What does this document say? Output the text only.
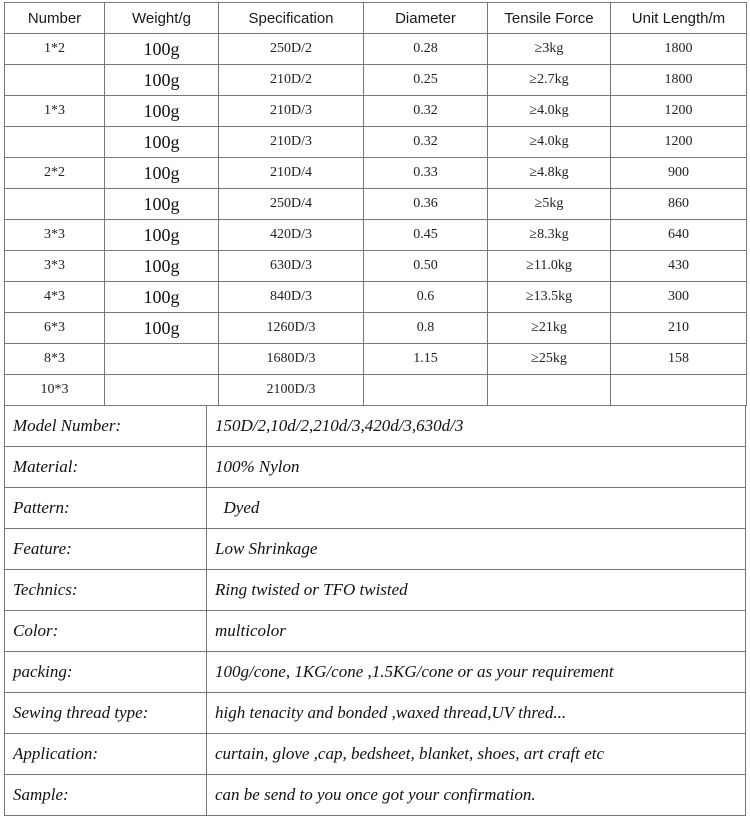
Number	Weight/g	Specification	Diameter	Tensile Force	Unit Length/m
1*2	100g	250D/2	0.28	≥3kg	1800
	100g	210D/2	0.25	≥2.7kg	1800
1*3	100g	210D/3	0.32	≥4.0kg	1200
	100g	210D/3	0.32	≥4.0kg	1200
2*2	100g	210D/4	0.33	≥4.8kg	900
	100g	250D/4	0.36	≥5kg	860
3*3	100g	420D/3	0.45	≥8.3kg	640
3*3	100g	630D/3	0.50	≥11.0kg	430
4*3	100g	840D/3	0.6	≥13.5kg	300
6*3	100g	1260D/3	0.8	≥21kg	210
8*3		1680D/3	1.15	≥25kg	158
10*3		2100D/3			
Model Number:	150D/2,10d/2,210d/3,420d/3,630d/3
Material:	100% Nylon
Pattern:	Dyed
Feature:	Low Shrinkage
Technics:	Ring twisted or TFO twisted
Color:	multicolor
packing:	100g/cone, 1KG/cone ,1.5KG/cone or as your requirement
Sewing thread type:	high tenacity and bonded ,waxed thread,UV thred...
Application:	curtain, glove ,cap, bedsheet, blanket, shoes, art craft etc
Sample:	can be send to you once got your confirmation.
